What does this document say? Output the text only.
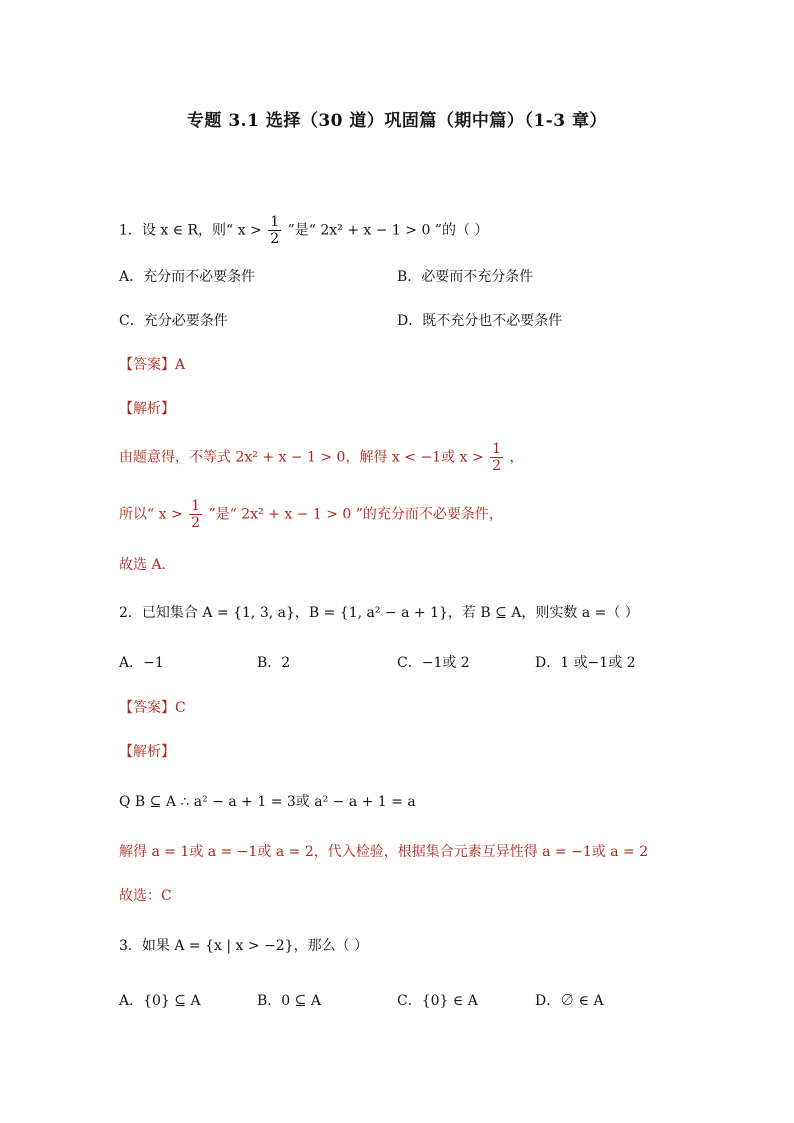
专题 3.1 选择（30 道）巩固篇（期中篇）（1-3 章）
1．设 x ∈ R，则“ $x > \frac{1}{2}$ ”是“ 2x² + x − 1 > 0 ”的（ ）
A．充分而不必要条件	B．必要而不充分条件
C．充分必要条件	D．既不充分也不必要条件
【答案】A
【解析】
由题意得，不等式 2x² + x − 1 > 0，解得 x < −1或 $x > \frac{1}{2}$ ，
所以“ $x > \frac{1}{2}$ ”是“ 2x² + x − 1 > 0 ”的充分而不必要条件，
故选 A．
2．已知集合 A = {1, 3, a}，B = {1, a² − a + 1}，若 B ⊆ A，则实数 a =（ ）
A．−1	B．2	C．−1或 2	D．1 或−1或 2
【答案】C
【解析】
Q B ⊆ A ∴ a² − a + 1 = 3或 a² − a + 1 = a
解得 a = 1或 a = −1或 a = 2，代入检验，根据集合元素互异性得 a = −1或 a = 2
故选：C
3．如果 A = {x | x > −2}，那么（ ）
A．{0} ⊆ A	B．0 ⊆ A	C．{0} ∈ A	D．∅ ∈ A
